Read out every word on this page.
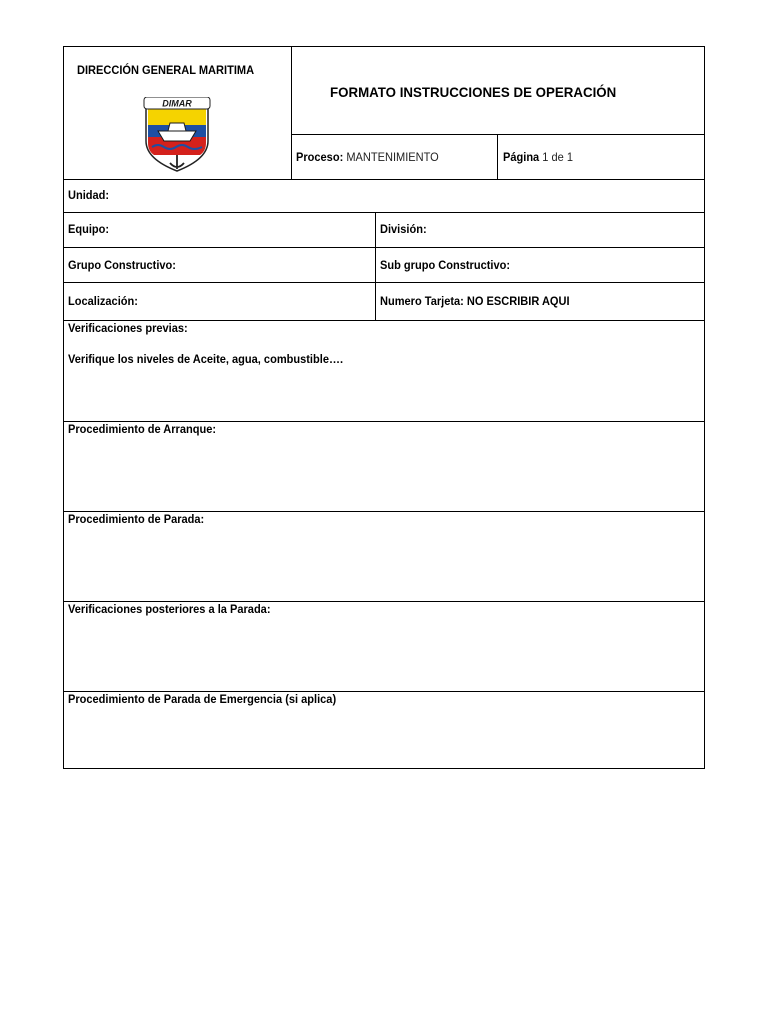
DIRECCIÓN GENERAL MARITIMA
DIMAR
FORMATO INSTRUCCIONES DE OPERACIÓN
Proceso: MANTENIMIENTO	Página 1 de 1
Unidad:
Equipo:	División:
Grupo Constructivo:	Sub grupo Constructivo:
Localización:	Numero Tarjeta: NO ESCRIBIR AQUI
Verificaciones previas:
Verifique los niveles de Aceite, agua, combustible….
Procedimiento de Arranque:
Procedimiento de Parada:
Verificaciones posteriores a la Parada:
Procedimiento de Parada de Emergencia (si aplica)
